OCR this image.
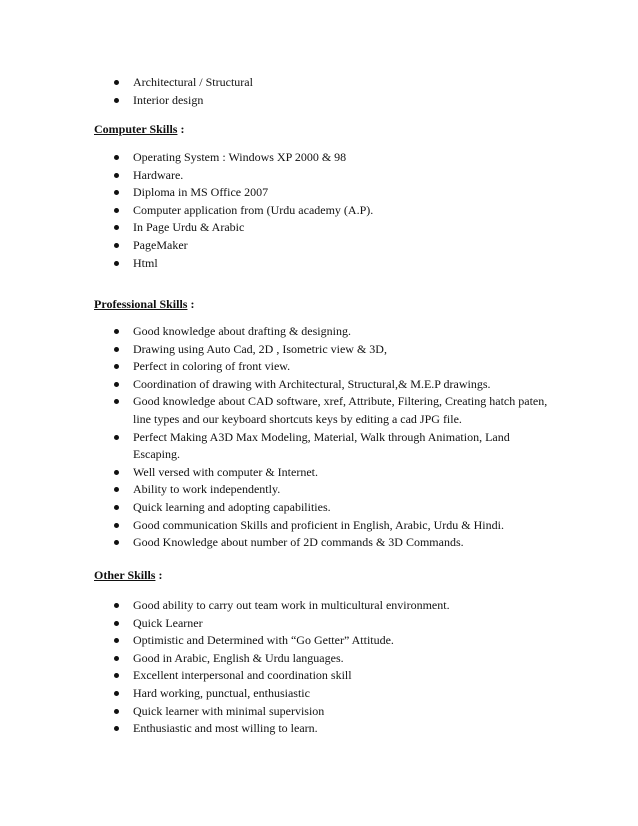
Architectural / Structural
Interior design
Computer Skills :
Operating System : Windows XP 2000 & 98
Hardware.
Diploma in MS Office 2007
Computer application from (Urdu academy (A.P).
In Page Urdu & Arabic
PageMaker
Html
Professional Skills :
Good knowledge about drafting & designing.
Drawing using Auto Cad, 2D , Isometric view & 3D,
Perfect in coloring of front view.
Coordination of drawing with Architectural, Structural,& M.E.P drawings.
Good knowledge about CAD software, xref, Attribute, Filtering, Creating hatch paten, line types and our keyboard shortcuts keys by editing a cad JPG file.
Perfect Making A3D Max Modeling, Material, Walk through Animation, Land Escaping.
Well versed with computer & Internet.
Ability to work independently.
Quick learning and adopting capabilities.
Good communication Skills and proficient in English, Arabic, Urdu & Hindi.
Good Knowledge about number of 2D commands & 3D Commands.
Other Skills :
Good ability to carry out team work in multicultural environment.
Quick Learner
Optimistic and Determined with “Go Getter” Attitude.
Good in Arabic, English & Urdu languages.
Excellent interpersonal and coordination skill
Hard working, punctual, enthusiastic
Quick learner with minimal supervision
Enthusiastic and most willing to learn.
